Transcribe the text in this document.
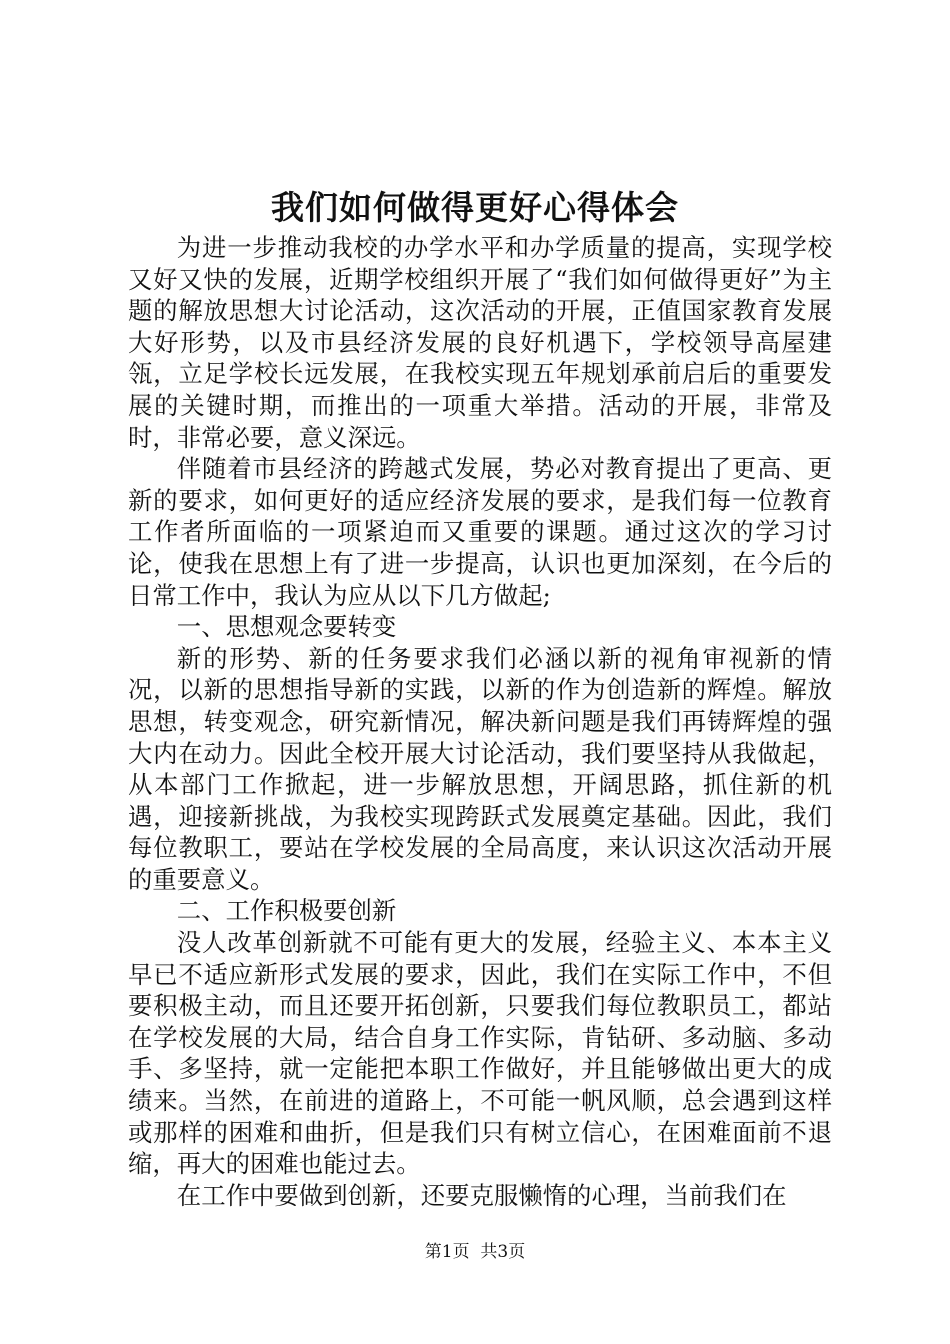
我们如何做得更好心得体会

为进一步推动我校的办学水平和办学质量的提高，实现学校又好又快的发展，近期学校组织开展了“我们如何做得更好”为主题的解放思想大讨论活动，这次活动的开展，正值国家教育发展大好形势，以及市县经济发展的良好机遇下，学校领导高屋建瓴，立足学校长远发展，在我校实现五年规划承前启后的重要发展的关键时期，而推出的一项重大举措。活动的开展，非常及时，非常必要，意义深远。

伴随着市县经济的跨越式发展，势必对教育提出了更高、更新的要求，如何更好的适应经济发展的要求，是我们每一位教育工作者所面临的一项紧迫而又重要的课题。通过这次的学习讨论，使我在思想上有了进一步提高，认识也更加深刻，在今后的日常工作中，我认为应从以下几方做起;

一、思想观念要转变

新的形势、新的任务要求我们必涵以新的视角审视新的情况，以新的思想指导新的实践，以新的作为创造新的辉煌。解放思想，转变观念，研究新情况，解决新问题是我们再铸辉煌的强大内在动力。因此全校开展大讨论活动，我们要坚持从我做起，从本部门工作掀起，进一步解放思想，开阔思路，抓住新的机遇，迎接新挑战，为我校实现跨跃式发展奠定基础。因此，我们每位教职工，要站在学校发展的全局高度，来认识这次活动开展的重要意义。

二、工作积极要创新

没人改革创新就不可能有更大的发展，经验主义、本本主义早已不适应新形式发展的要求，因此，我们在实际工作中，不但要积极主动，而且还要开拓创新，只要我们每位教职员工，都站在学校发展的大局，结合自身工作实际，肯钻研、多动脑、多动手、多坚持，就一定能把本职工作做好，并且能够做出更大的成绩来。当然，在前进的道路上，不可能一帆风顺，总会遇到这样或那样的困难和曲折，但是我们只有树立信心，在困难面前不退缩，再大的困难也能过去。

在工作中要做到创新，还要克服懒惰的心理，当前我们在

第1页  共3页
